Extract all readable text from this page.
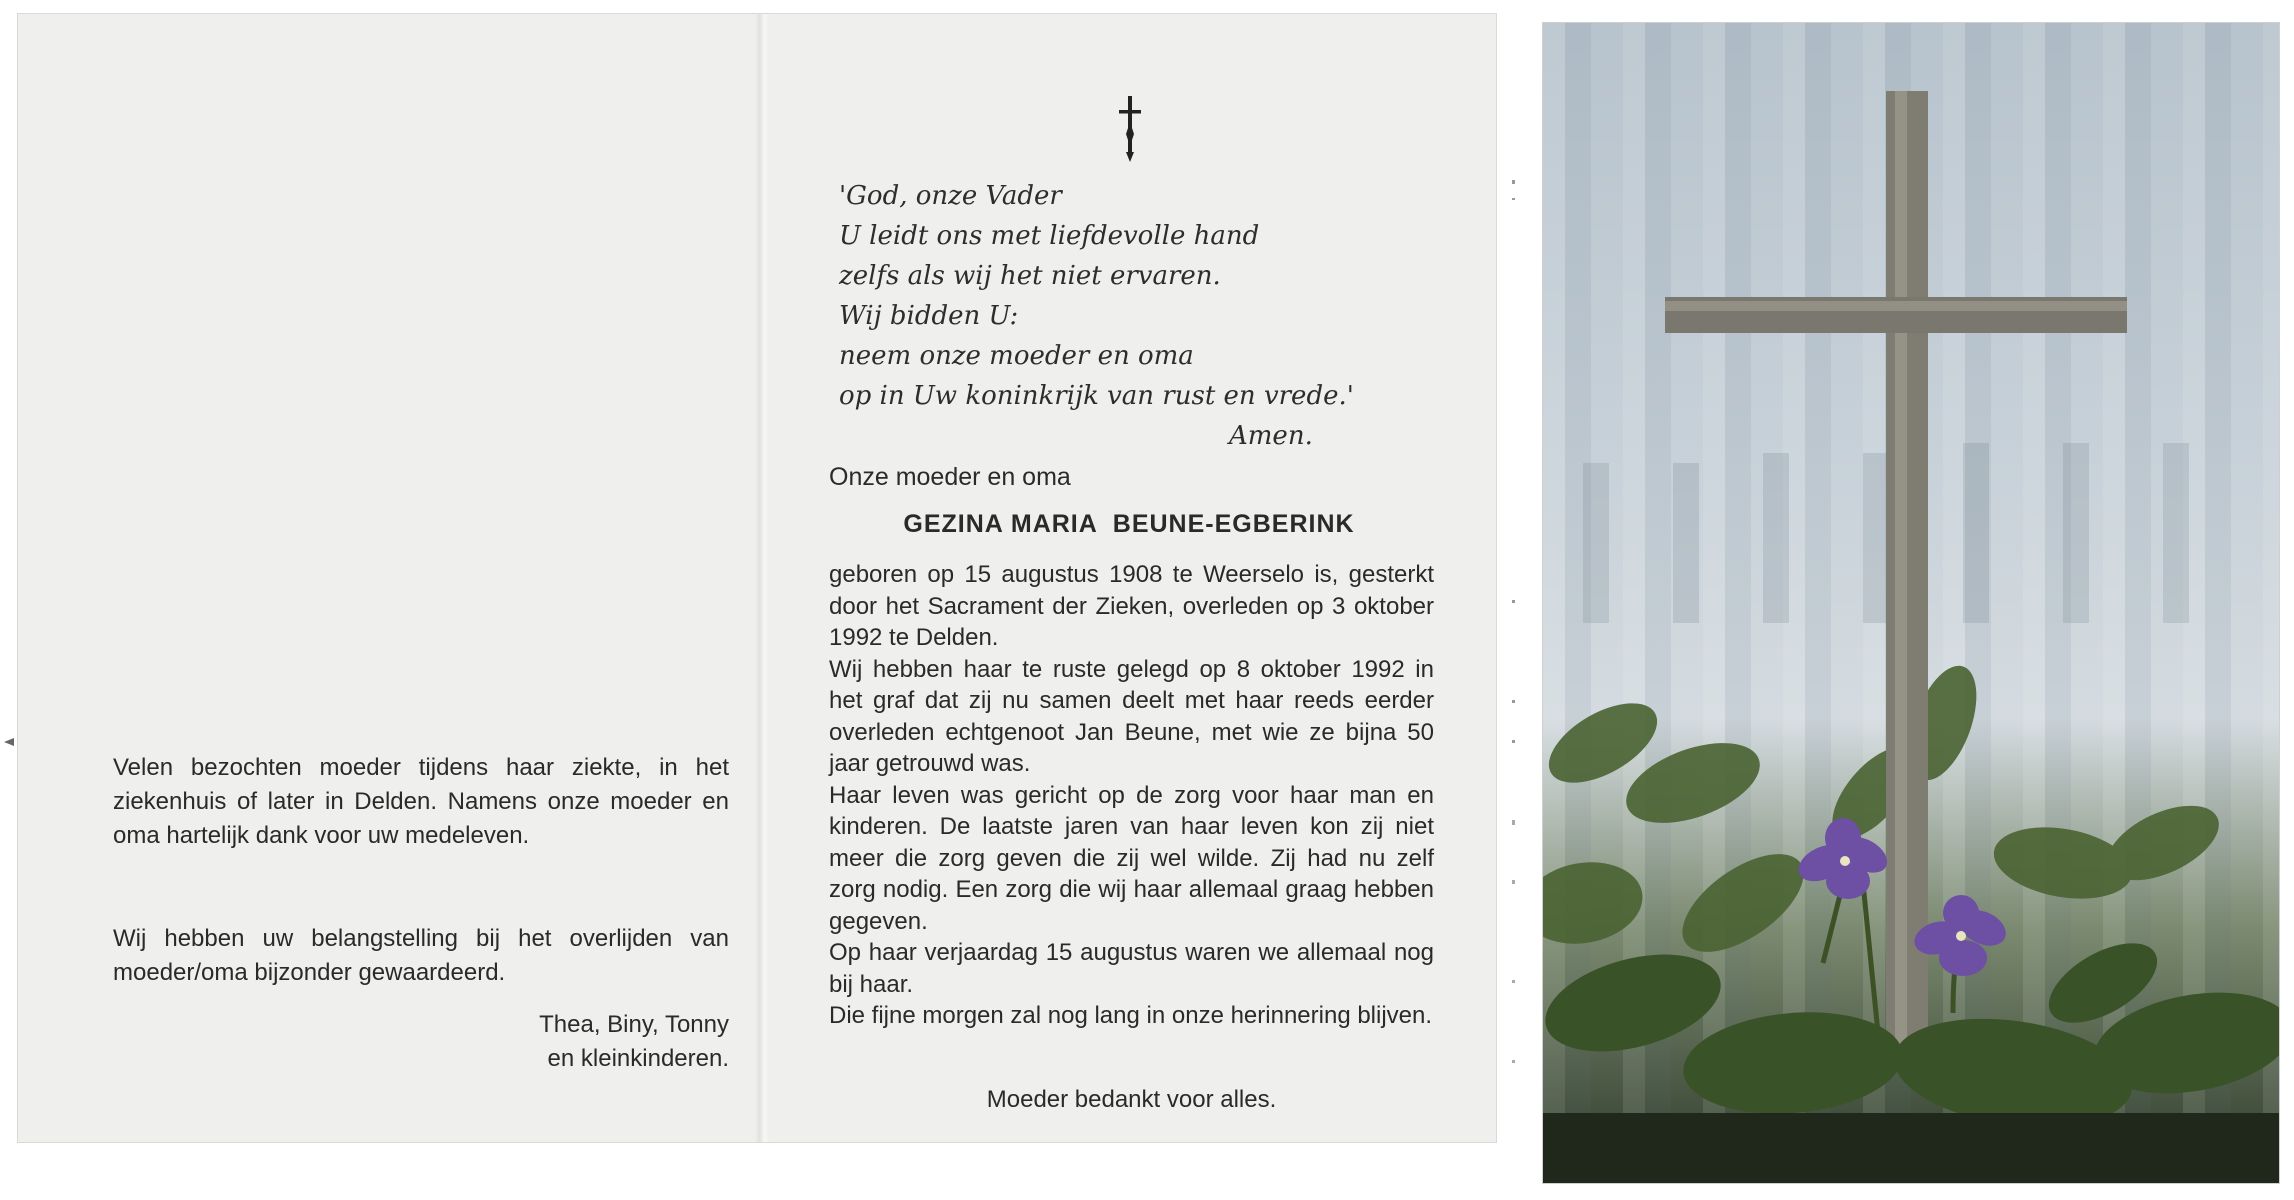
Velen bezochten moeder tijdens haar ziekte, in het ziekenhuis of later in Delden. Namens onze moeder en oma hartelijk dank voor uw medeleven.

Wij hebben uw belangstelling bij het overlijden van moeder/oma bijzonder gewaardeerd.

Thea, Biny, Tonny

en kleinkinderen.

'God, onze Vader
U leidt ons met liefdevolle hand
zelfs als wij het niet ervaren.
Wij bidden U:
neem onze moeder en oma
op in Uw koninkrijk van rust en vrede.'
Amen.
Onze moeder en oma
GEZINA MARIA  BEUNE-EGBERINK

geboren op 15 augustus 1908 te Weerselo is, gesterkt door het Sacrament der Zieken, overleden op 3 oktober 1992 te Delden.

Wij hebben haar te ruste gelegd op 8 oktober 1992 in het graf dat zij nu samen deelt met haar reeds eerder overleden echtgenoot Jan Beune, met wie ze bijna 50 jaar getrouwd was.

Haar leven was gericht op de zorg voor haar man en kinderen. De laatste jaren van haar leven kon zij niet meer die zorg geven die zij wel wilde. Zij had nu zelf zorg nodig. Een zorg die wij haar allemaal graag hebben gegeven.

Op haar verjaardag 15 augustus waren we allemaal nog bij haar.

Die fijne morgen zal nog lang in onze herinnering blijven.

Moeder bedankt voor alles.
